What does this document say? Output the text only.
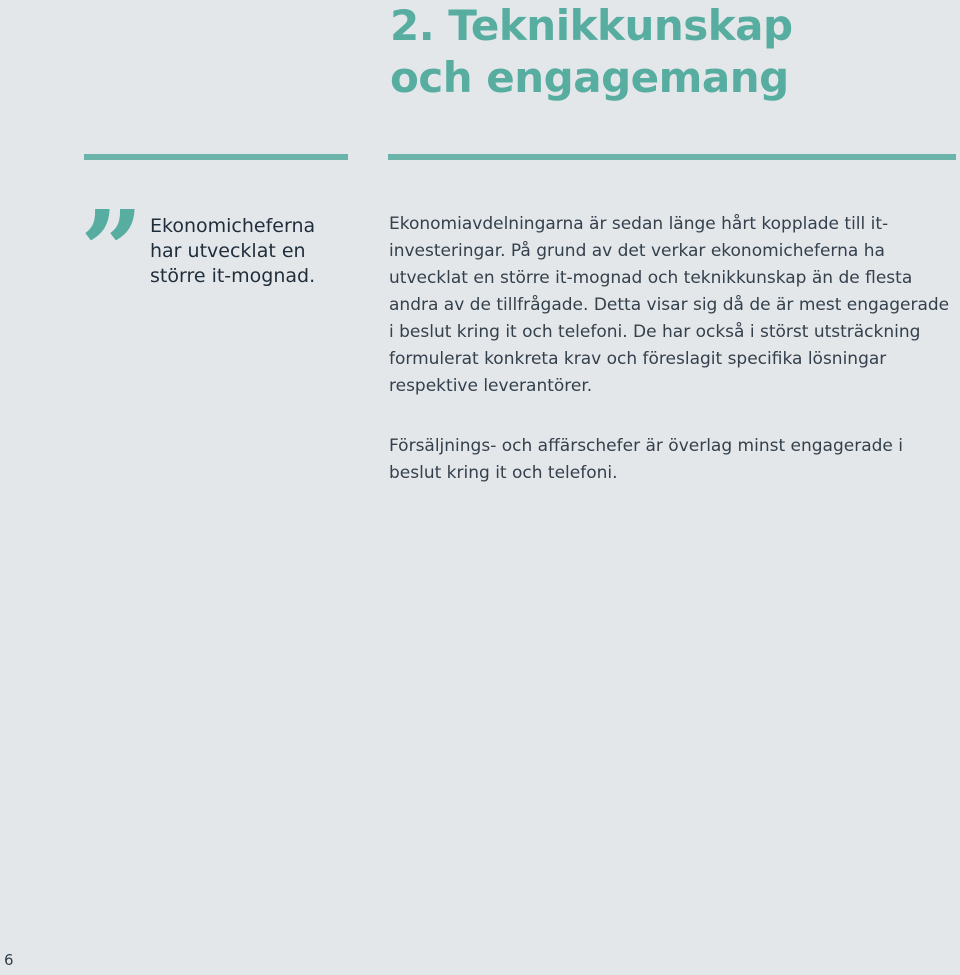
2. Teknikkunskap
och engagemang
” Ekonomicheferna har utvecklat en större it-mognad.

Ekonomiavdelningarna är sedan länge hårt kopplade till it-investeringar. På grund av det verkar ekonomicheferna ha utvecklat en större it-mognad och teknikkunskap än de flesta andra av de tillfrågade. Detta visar sig då de är mest engagerade i beslut kring it och telefoni. De har också i störst utsträckning formulerat konkreta krav och föreslagit specifika lösningar respektive leverantörer.

Försäljnings- och affärschefer är överlag minst engagerade i beslut kring it och telefoni.

6
